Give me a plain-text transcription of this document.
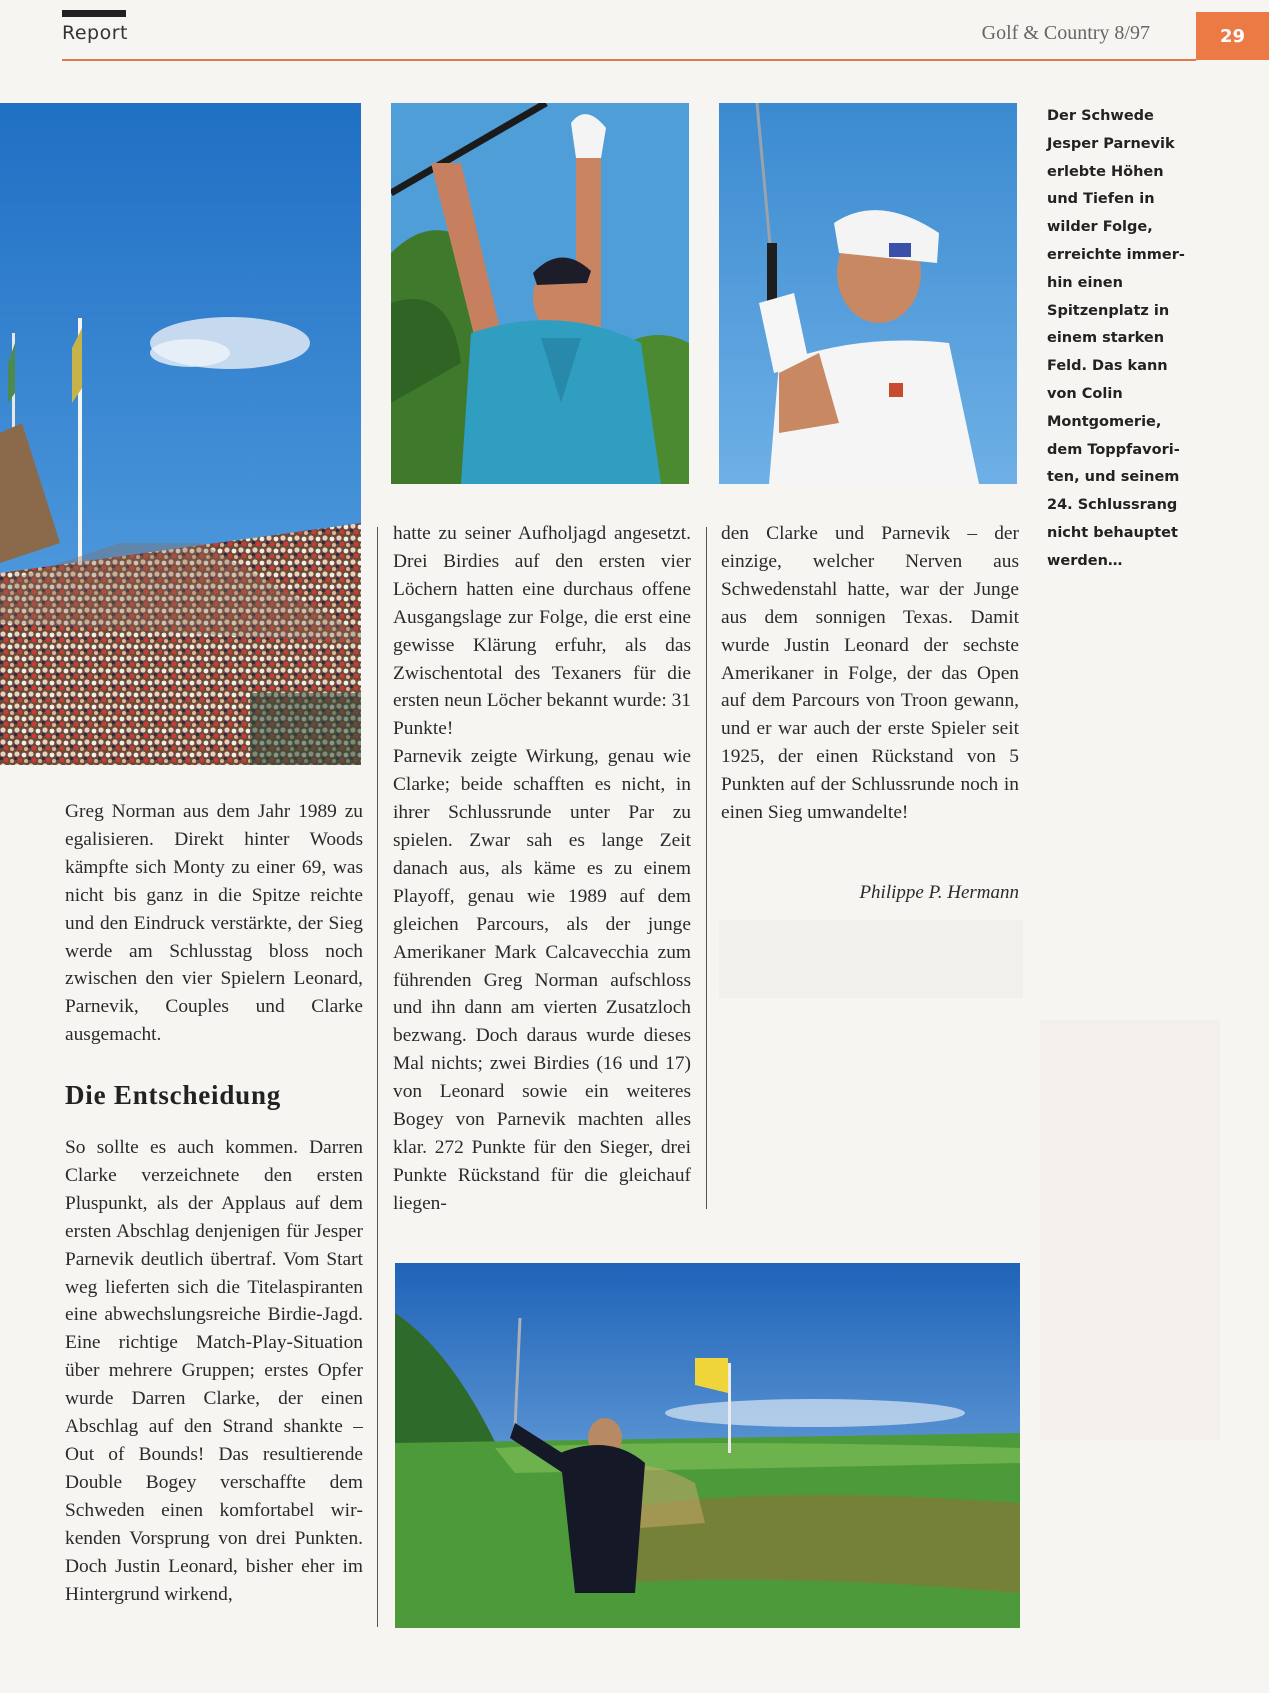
Report	Golf & Country 8/97	29
Der Schwede Jesper Parnevik erlebte Höhen und Tiefen in wilder Folge, erreichte immerhin einen Spitzenplatz in einem starken Feld. Das kann von Colin Montgomerie, dem Toppfavoriten, und seinem 24. Schlussrang nicht behauptet werden…

Greg Norman aus dem Jahr 1989 zu egalisieren. Direkt hinter Woods kämpfte sich Monty zu einer 69, was nicht bis ganz in die Spitze reichte und den Eindruck verstärkte, der Sieg werde am Schlusstag bloss noch zwischen den vier Spielern Leonard, Parnevik, Couples und Clarke ausgemacht.

Die Entscheidung

So sollte es auch kommen. Darren Clarke verzeichnete den ersten Pluspunkt, als der Applaus auf dem ersten Abschlag denjenigen für Jesper Parnevik deutlich übertraf. Vom Start weg lieferten sich die Titelaspiranten eine abwechslungsreiche Birdie-Jagd. Eine richtige Match-Play-Situation über mehrere Gruppen; erstes Opfer wurde Darren Clarke, der einen Abschlag auf den Strand shankte – Out of Bounds! Das resultierende Double Bogey verschaffte dem Schweden einen komfortabel wirkenden Vorsprung von drei Punkten. Doch Justin Leonard, bisher eher im Hintergrund wirkend,

hatte zu seiner Aufholjagd angesetzt. Drei Birdies auf den ersten vier Löchern hatten eine durchaus offene Ausgangslage zur Folge, die erst eine gewisse Klärung erfuhr, als das Zwischentotal des Texaners für die ersten neun Löcher bekannt wurde: 31 Punkte!

Parnevik zeigte Wirkung, genau wie Clarke; beide schafften es nicht, in ihrer Schlussrunde unter Par zu spielen. Zwar sah es lange Zeit danach aus, als käme es zu einem Playoff, genau wie 1989 auf dem gleichen Parcours, als der junge Amerikaner Mark Calcavecchia zum führenden Greg Norman aufschloss und ihn dann am vierten Zusatzloch bezwang. Doch daraus wurde dieses Mal nichts; zwei Birdies (16 und 17) von Leonard sowie ein weiteres Bogey von Parnevik machten alles klar. 272 Punkte für den Sieger, drei Punkte Rückstand für die gleichauf liegen-

den Clarke und Parnevik – der einzige, welcher Nerven aus Schwedenstahl hatte, war der Junge aus dem sonnigen Texas. Damit wurde Justin Leonard der sechste Amerikaner in Folge, der das Open auf dem Parcours von Troon gewann, und er war auch der erste Spieler seit 1925, der einen Rückstand von 5 Punkten auf der Schlussrunde noch in einen Sieg umwandelte!

Philippe P. Hermann
